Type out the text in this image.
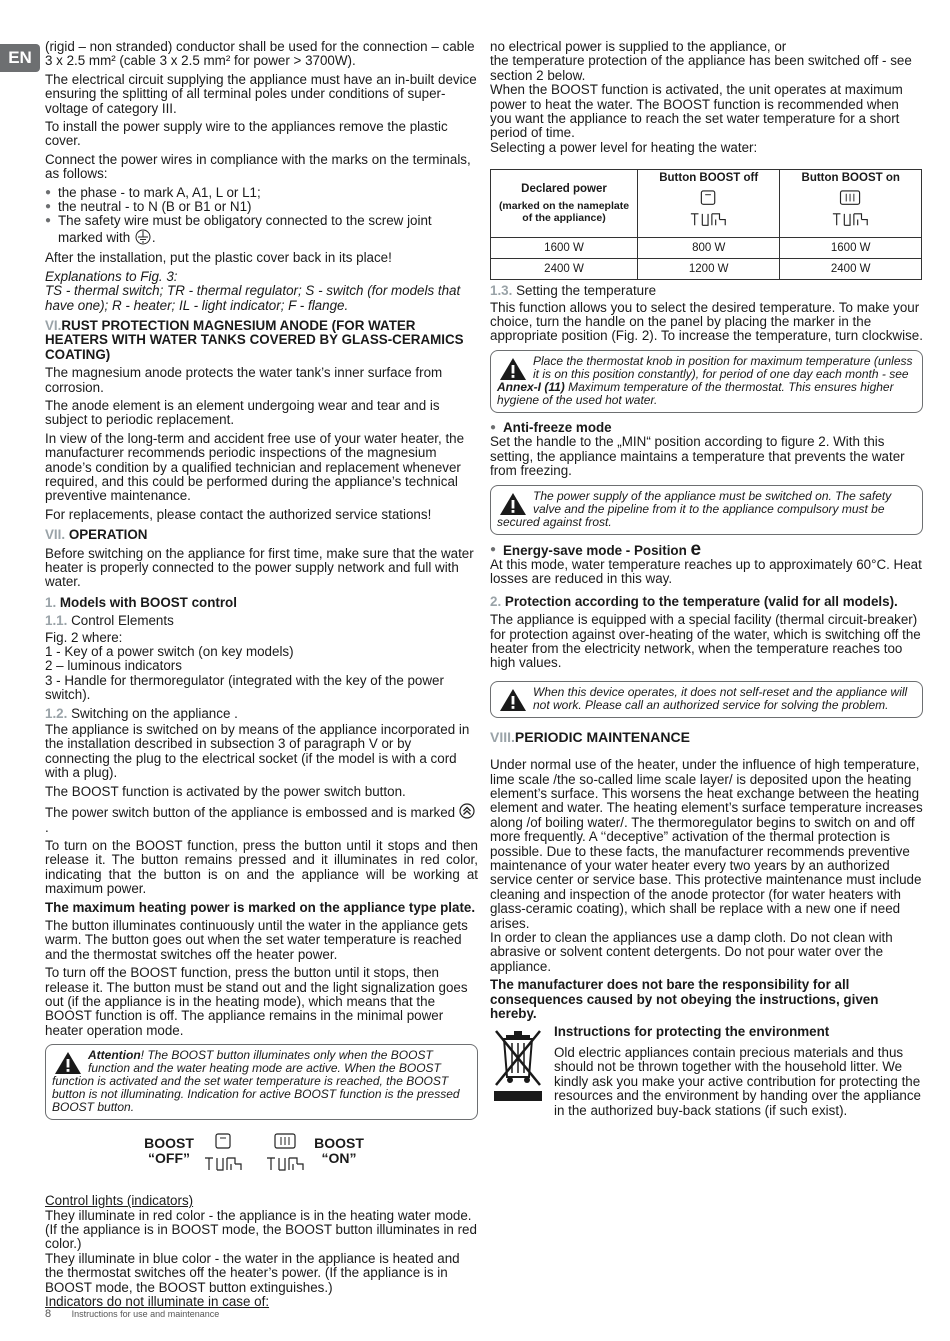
EN

(rigid – non stranded) conductor shall be used for the connection – cable 3 x 2.5 mm² (cable 3 x 2.5 mm² for power > 3700W).

The electrical circuit supplying the appliance must have an in-built device ensuring the splitting of all terminal poles under conditions of super-voltage of category III.

To install the power supply wire to the appliances remove the plastic cover.

Connect the power wires in compliance with the marks on the terminals, as follows:

● the phase - to mark A, A1, L or L1;
● the neutral - to N (B or B1 or N1)
● The safety wire must be obligatory connected to the screw joint marked with .

After the installation, put the plastic cover back in its place!

Explanations to Fig. 3:

TS - thermal switch; TR - thermal regulator; S - switch (for models that have one); R - heater; IL - light indicator; F - flange.

VI.RUST PROTECTION MAGNESIUM ANODE (FOR WATER HEATERS WITH WATER TANKS COVERED BY GLASS-CERAMICS COATING)

The magnesium anode protects the water tank’s inner surface from corrosion.

The anode element is an element undergoing wear and tear and is subject to periodic replacement.

In view of the long-term and accident free use of your water heater, the manufacturer recommends periodic inspections of the magnesium anode’s condition by a qualified technician and replacement whenever required, and this could be performed during the appliance’s technical preventive maintenance.

For replacements, please contact the authorized service stations!

VII. OPERATION

Before switching on the appliance for first time, make sure that the water heater is properly connected to the power supply network and full with water.

1. Models with BOOST control
1.1. Control Elements

Fig. 2 where:

1 - Key of a power switch (on key models)

2 – luminous indicators

3 - Handle for thermoregulator (integrated with the key of the power switch).

1.2. Switching on the appliance .

The appliance is switched on by means of the appliance incorporated in the installation described in subsection 3 of paragraph V or by connecting the plug to the electrical socket (if the model is with a cord with a plug).

The BOOST function is activated by the power switch button.

The power switch button of the appliance is embossed and is marked .

To turn on the BOOST function, press the button until it stops and then release it. The button remains pressed and it illuminates in red color, indicating that the button is on and the appliance will be working at maximum power.

The maximum heating power is marked on the appliance type plate.

The button illuminates continuously until the water in the appliance gets warm. The button goes out when the set water temperature is reached and the thermostat switches off the heater power.

To turn off the BOOST function, press the button until it stops, then release it. The button must be stand out and the light signalization goes out (if the appliance is in the heating mode), which means that the BOOST function is off. The appliance remains in the minimal power heater operation mode.

Attention! The BOOST button illuminates only when the BOOST function and the water heating mode are active. When the BOOST function is activated and the set water temperature is reached, the BOOST button is not illuminating. Indication for active BOOST function is the pressed BOOST button.
BOOST
“OFF”
BOOST
“ON”

Control lights (indicators)

They illuminate in red color - the appliance is in the heating water mode. (If the appliance is in BOOST mode, the BOOST button illuminates in red color.)

They illuminate in blue color - the water in the appliance is heated and the thermostat switches off the heater’s power. (If the appliance is in BOOST mode, the BOOST button extinguishes.)

Indicators do not illuminate in case of:

no electrical power is supplied to the appliance, or

the temperature protection of the appliance has been switched off - see section 2 below.

When the BOOST function is activated, the unit operates at maximum power to heat the water. The BOOST function is recommended when you want the appliance to reach the set water temperature for a short period of time.

Selecting a power level for heating the water:

Declared power
(marked on the nameplate of the appliance)	Button BOOST off	Button BOOST on

1600 W	800 W	1600 W
2400 W	1200 W	2400 W
1.3. Setting the temperature

This function allows you to select the desired temperature. To make your choice, turn the handle on the panel by placing the marker in the appropriate position (Fig. 2). To increase the temperature, turn clockwise.

Place the thermostat knob in position for maximum temperature (unless it is on this position constantly), for period of one day each month - see Annex-I (11) Maximum temperature of the thermostat. This ensures higher hygiene of the used hot water.
● Anti-freeze mode

Set the handle to the „MIN“ position according to figure 2. With this setting, the appliance maintains a temperature that prevents the water from freezing.

The power supply of the appliance must be switched on. The safety valve and the pipeline from it to the appliance compulsory must be secured against frost.
● Energy-save mode - Position e

At this mode, water temperature reaches up to approximately 60°C. Heat losses are reduced in this way.

2. Protection according to the temperature (valid for all models).

The appliance is equipped with a special facility (thermal circuit-breaker) for protection against over-heating of the water, which is switching off the heater from the electricity network, when the temperature reaches too high values.

When this device operates, it does not self-reset and the appliance will not work. Please call an authorized service for solving the problem.
VIII.PERIODIC MAINTENANCE

Under normal use of the heater, under the influence of high temperature, lime scale /the so-called lime scale layer/ is deposited upon the heating element’s surface. This worsens the heat exchange between the heating element and water. The heating element’s surface temperature increases along /of boiling water/. The thermoregulator begins to switch on and off more frequently. A ‘‘deceptive” activation of the thermal protection is possible. Due to these facts, the manufacturer recommends preventive maintenance of your water heater every two years by an authorized service center or service base. This protective maintenance must include cleaning and inspection of the anode protector (for water heaters with glass-ceramic coating), which shall be replace with a new one if need arises.

In order to clean the appliances use a damp cloth. Do not clean with abrasive or solvent content detergents. Do not pour water over the appliance.

The manufacturer does not bare the responsibility for all consequences caused by not obeying the instructions, given hereby.

Instructions for protecting the environment

Old electric appliances contain precious materials and thus should not be thrown together with the household litter. We kindly ask you make your active contribution for protecting the resources and the environment by handing over the appliance in the authorized buy-back stations (if such exist).

8 Instructions for use and maintenance
